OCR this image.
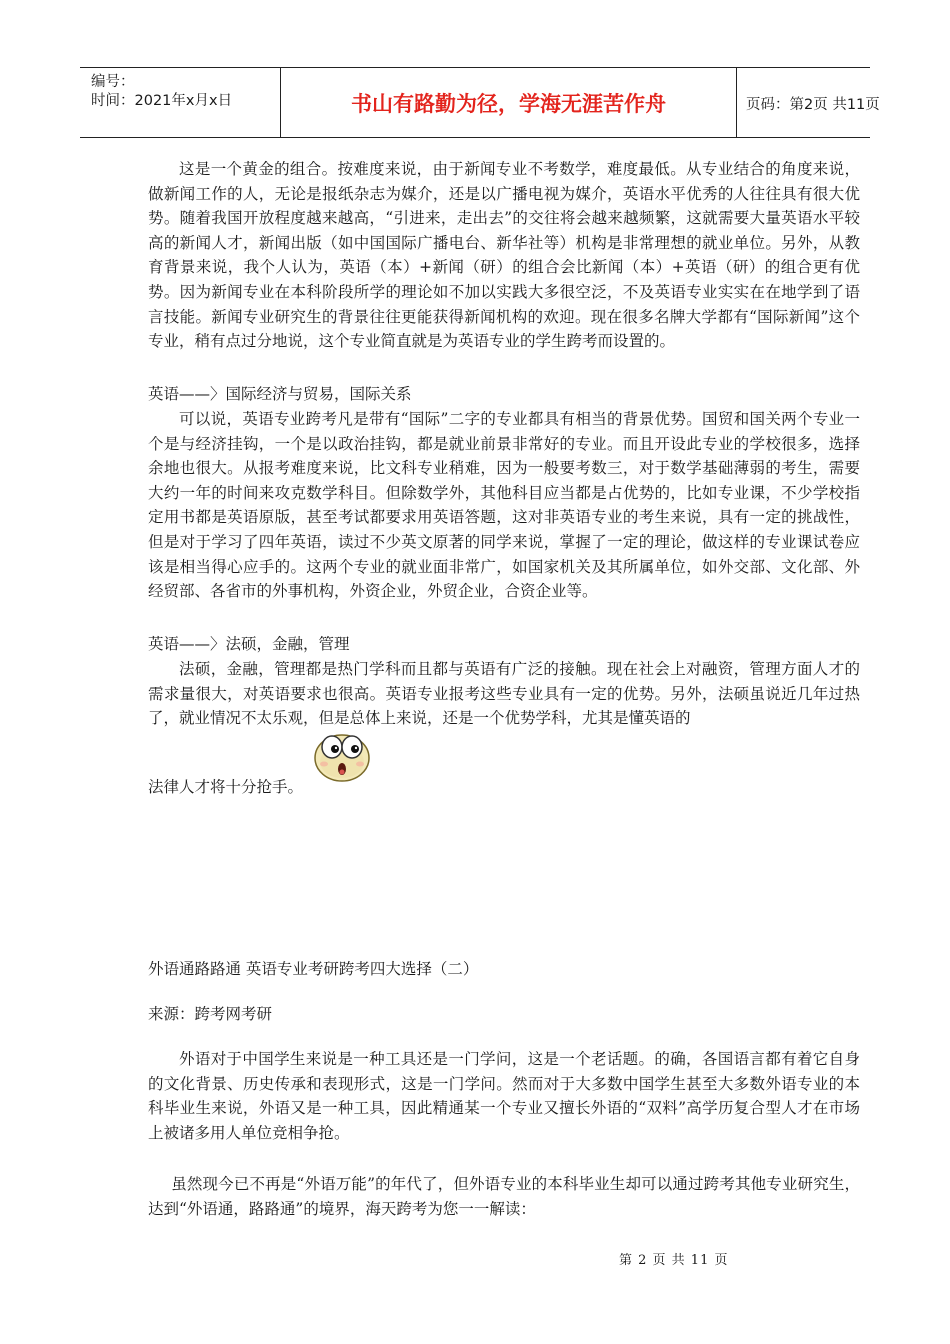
编号：
时间：2021年x月x日	书山有路勤为径，学海无涯苦作舟	页码：第2页 共11页
这是一个黄金的组合。按难度来说，由于新闻专业不考数学，难度最低。从专业结合的角度来说，做新闻工作的人，无论是报纸杂志为媒介，还是以广播电视为媒介，英语水平优秀的人往往具有很大优势。随着我国开放程度越来越高，“引进来，走出去”的交往将会越来越频繁，这就需要大量英语水平较高的新闻人才，新闻出版（如中国国际广播电台、新华社等）机构是非常理想的就业单位。另外，从教育背景来说，我个人认为，英语（本）+新闻（研）的组合会比新闻（本）+英语（研）的组合更有优势。因为新闻专业在本科阶段所学的理论如不加以实践大多很空泛，不及英语专业实实在在地学到了语言技能。新闻专业研究生的背景往往更能获得新闻机构的欢迎。现在很多名牌大学都有“国际新闻”这个专业，稍有点过分地说，这个专业简直就是为英语专业的学生跨考而设置的。
英语——〉国际经济与贸易，国际关系
可以说，英语专业跨考凡是带有“国际”二字的专业都具有相当的背景优势。国贸和国关两个专业一个是与经济挂钩，一个是以政治挂钩，都是就业前景非常好的专业。而且开设此专业的学校很多，选择余地也很大。从报考难度来说，比文科专业稍难，因为一般要考数三，对于数学基础薄弱的考生，需要大约一年的时间来攻克数学科目。但除数学外，其他科目应当都是占优势的，比如专业课，不少学校指定用书都是英语原版，甚至考试都要求用英语答题，这对非英语专业的考生来说，具有一定的挑战性，但是对于学习了四年英语，读过不少英文原著的同学来说，掌握了一定的理论，做这样的专业课试卷应该是相当得心应手的。这两个专业的就业面非常广，如国家机关及其所属单位，如外交部、文化部、外经贸部、各省市的外事机构，外资企业，外贸企业，合资企业等。
英语——〉法硕，金融，管理
法硕，金融，管理都是热门学科而且都与英语有广泛的接触。现在社会上对融资，管理方面人才的需求量很大，对英语要求也很高。英语专业报考这些专业具有一定的优势。另外，法硕虽说近几年过热了，就业情况不太乐观，但是总体上来说，还是一个优势学科，尤其是懂英语的
法律人才将十分抢手。
外语通路路通 英语专业考研跨考四大选择（二）
来源：跨考网考研
外语对于中国学生来说是一种工具还是一门学问，这是一个老话题。的确，各国语言都有着它自身的文化背景、历史传承和表现形式，这是一门学问。然而对于大多数中国学生甚至大多数外语专业的本科毕业生来说，外语又是一种工具，因此精通某一个专业又擅长外语的“双料”高学历复合型人才在市场上被诸多用人单位竞相争抢。
虽然现今已不再是“外语万能”的年代了，但外语专业的本科毕业生却可以通过跨考其他专业研究生，达到“外语通，路路通”的境界，海天跨考为您一一解读：
第 2 页 共 11 页
